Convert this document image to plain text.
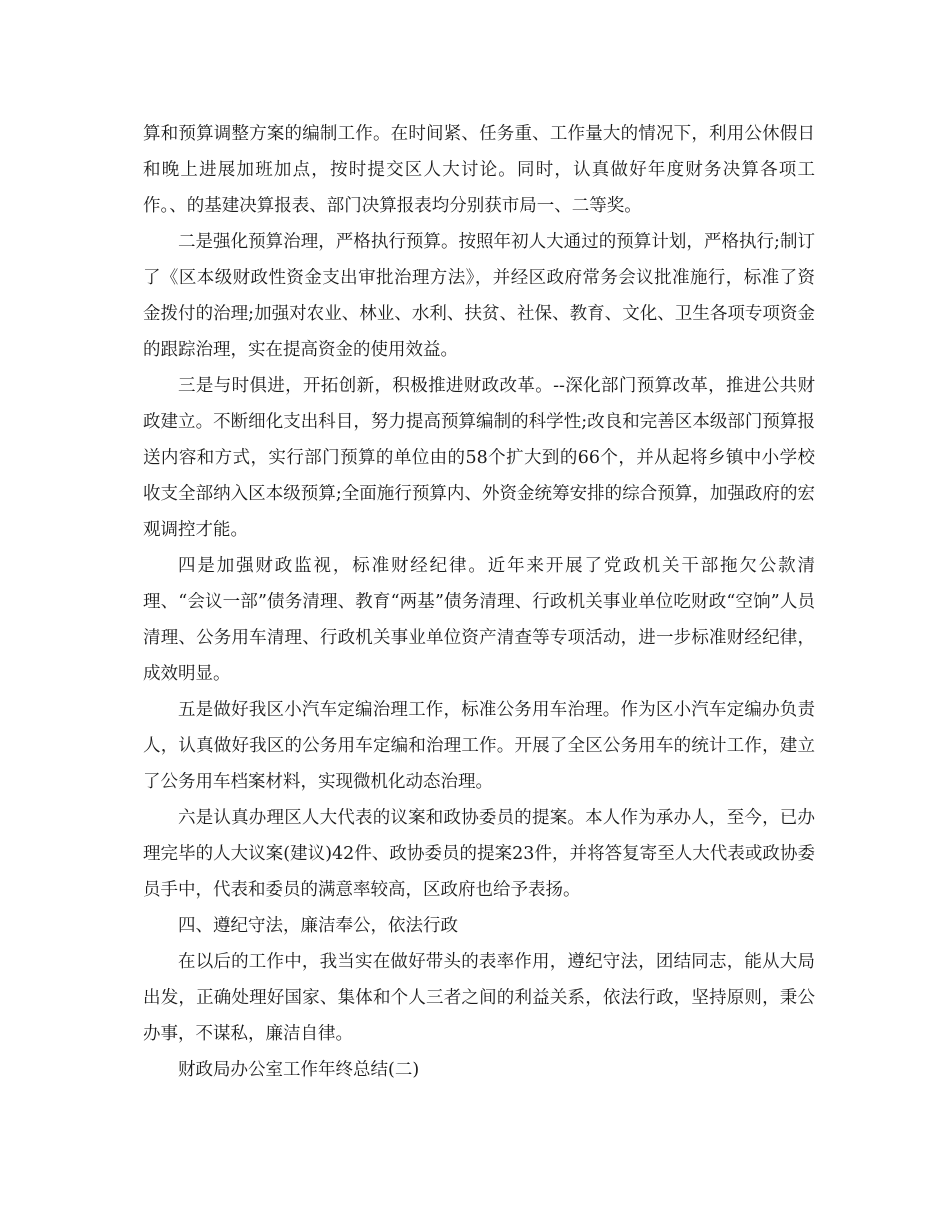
算和预算调整方案的编制工作。在时间紧、任务重、工作量大的情况下，利用公休假日和晚上进展加班加点，按时提交区人大讨论。同时，认真做好年度财务决算各项工作。、的基建决算报表、部门决算报表均分别获市局一、二等奖。

二是强化预算治理，严格执行预算。按照年初人大通过的预算计划，严格执行;制订了《区本级财政性资金支出审批治理方法》，并经区政府常务会议批准施行，标准了资金拨付的治理;加强对农业、林业、水利、扶贫、社保、教育、文化、卫生各项专项资金的跟踪治理，实在提高资金的使用效益。

三是与时俱进，开拓创新，积极推进财政改革。--深化部门预算改革，推进公共财政建立。不断细化支出科目，努力提高预算编制的科学性;改良和完善区本级部门预算报送内容和方式，实行部门预算的单位由的58个扩大到的66个，并从起将乡镇中小学校收支全部纳入区本级预算;全面施行预算内、外资金统筹安排的综合预算，加强政府的宏观调控才能。

四是加强财政监视，标准财经纪律。近年来开展了党政机关干部拖欠公款清理、“会议一部”债务清理、教育“两基”债务清理、行政机关事业单位吃财政“空饷”人员清理、公务用车清理、行政机关事业单位资产清查等专项活动，进一步标准财经纪律，成效明显。

五是做好我区小汽车定编治理工作，标准公务用车治理。作为区小汽车定编办负责人，认真做好我区的公务用车定编和治理工作。开展了全区公务用车的统计工作，建立了公务用车档案材料，实现微机化动态治理。

六是认真办理区人大代表的议案和政协委员的提案。本人作为承办人，至今，已办理完毕的人大议案(建议)42件、政协委员的提案23件，并将答复寄至人大代表或政协委员手中，代表和委员的满意率较高，区政府也给予表扬。

四、遵纪守法，廉洁奉公，依法行政

在以后的工作中，我当实在做好带头的表率作用，遵纪守法，团结同志，能从大局出发，正确处理好国家、集体和个人三者之间的利益关系，依法行政，坚持原则，秉公办事，不谋私，廉洁自律。

财政局办公室工作年终总结(二)
